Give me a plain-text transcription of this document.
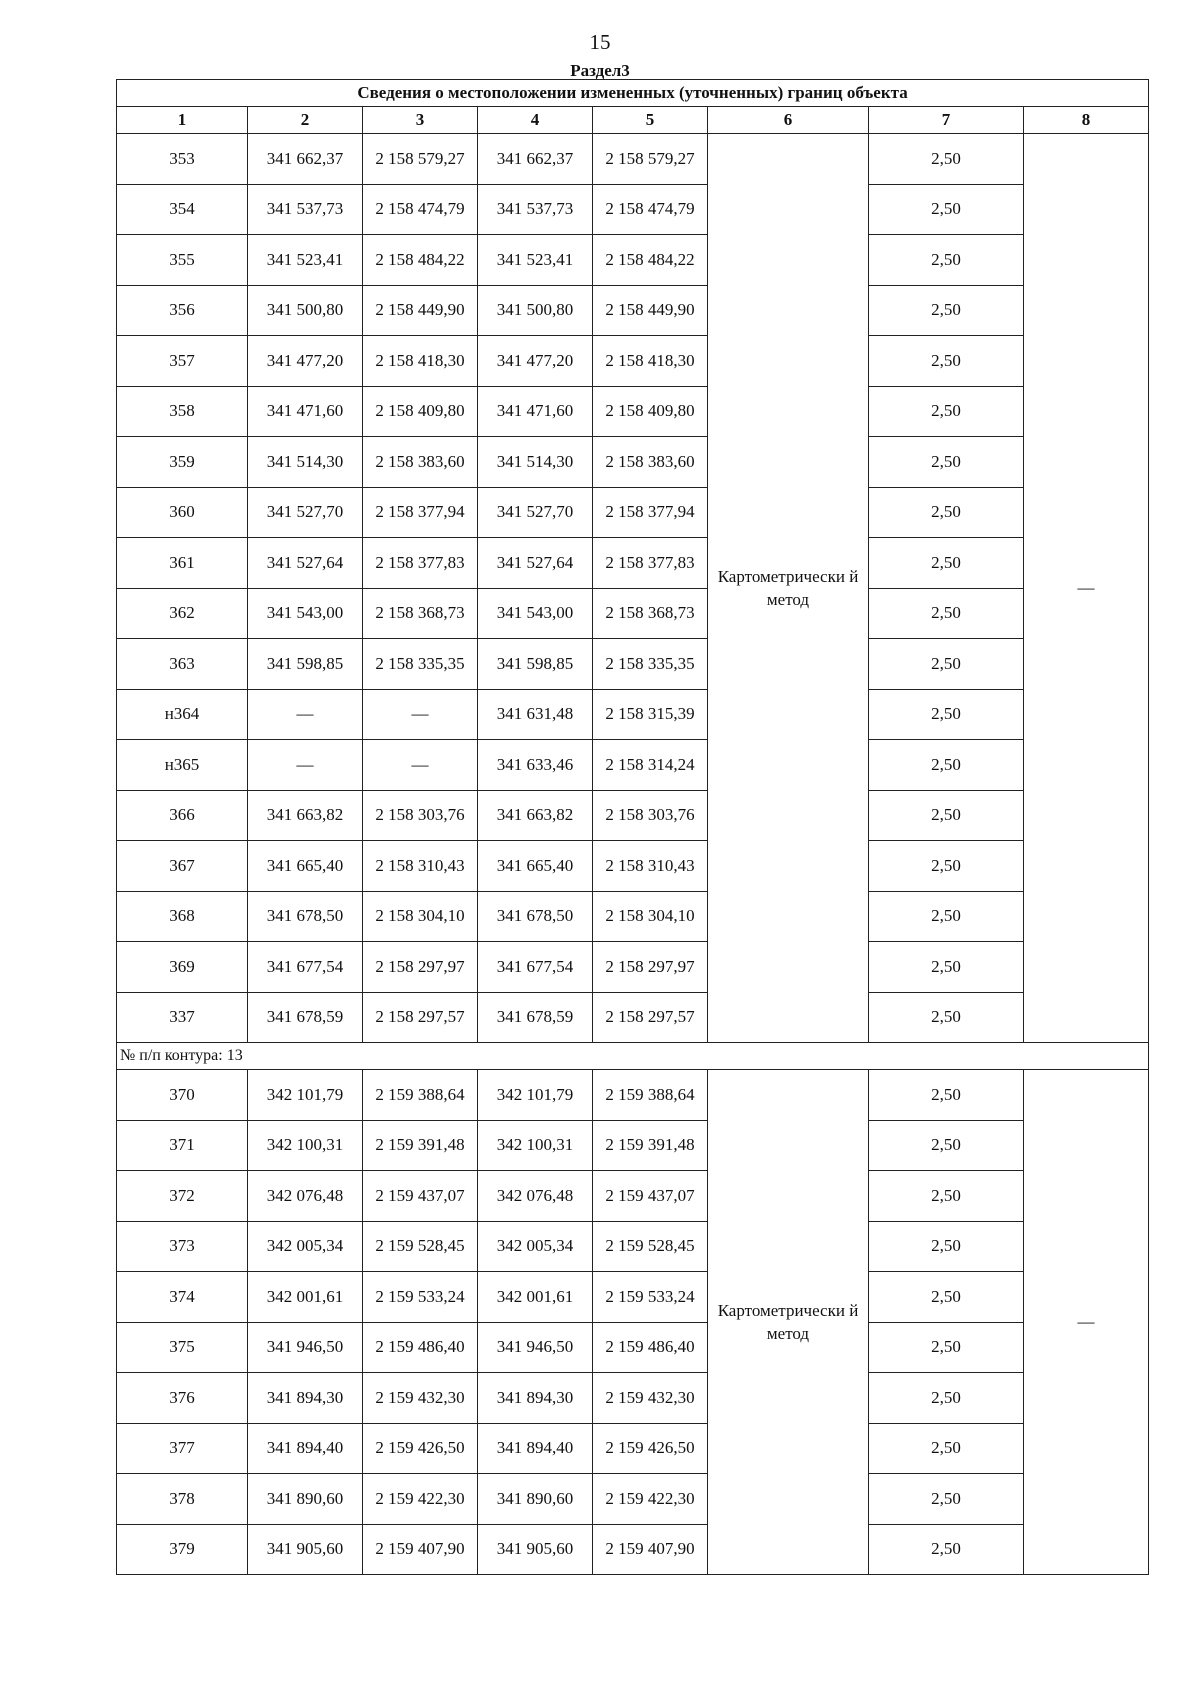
15
Раздел3
Сведения о местоположении измененных (уточненных) границ объекта							
1	2	3	4	5	6	7	8
353	341 662,37	2 158 579,27	341 662,37	2 158 579,27	Картометрически й метод	2,50	—
354	341 537,73	2 158 474,79	341 537,73	2 158 474,79		2,50	
355	341 523,41	2 158 484,22	341 523,41	2 158 484,22		2,50	
356	341 500,80	2 158 449,90	341 500,80	2 158 449,90		2,50	
357	341 477,20	2 158 418,30	341 477,20	2 158 418,30		2,50	
358	341 471,60	2 158 409,80	341 471,60	2 158 409,80		2,50	
359	341 514,30	2 158 383,60	341 514,30	2 158 383,60		2,50	
360	341 527,70	2 158 377,94	341 527,70	2 158 377,94		2,50	
361	341 527,64	2 158 377,83	341 527,64	2 158 377,83		2,50	
362	341 543,00	2 158 368,73	341 543,00	2 158 368,73		2,50	
363	341 598,85	2 158 335,35	341 598,85	2 158 335,35		2,50	
н364	—	—	341 631,48	2 158 315,39		2,50	
н365	—	—	341 633,46	2 158 314,24		2,50	
366	341 663,82	2 158 303,76	341 663,82	2 158 303,76		2,50	
367	341 665,40	2 158 310,43	341 665,40	2 158 310,43		2,50	
368	341 678,50	2 158 304,10	341 678,50	2 158 304,10		2,50	
369	341 677,54	2 158 297,97	341 677,54	2 158 297,97		2,50	
337	341 678,59	2 158 297,57	341 678,59	2 158 297,57		2,50	
№ п/п контура: 13							
370	342 101,79	2 159 388,64	342 101,79	2 159 388,64	Картометрически й метод	2,50	—
371	342 100,31	2 159 391,48	342 100,31	2 159 391,48		2,50	
372	342 076,48	2 159 437,07	342 076,48	2 159 437,07		2,50	
373	342 005,34	2 159 528,45	342 005,34	2 159 528,45		2,50	
374	342 001,61	2 159 533,24	342 001,61	2 159 533,24		2,50	
375	341 946,50	2 159 486,40	341 946,50	2 159 486,40		2,50	
376	341 894,30	2 159 432,30	341 894,30	2 159 432,30		2,50	
377	341 894,40	2 159 426,50	341 894,40	2 159 426,50		2,50	
378	341 890,60	2 159 422,30	341 890,60	2 159 422,30		2,50	
379	341 905,60	2 159 407,90	341 905,60	2 159 407,90		2,50	
